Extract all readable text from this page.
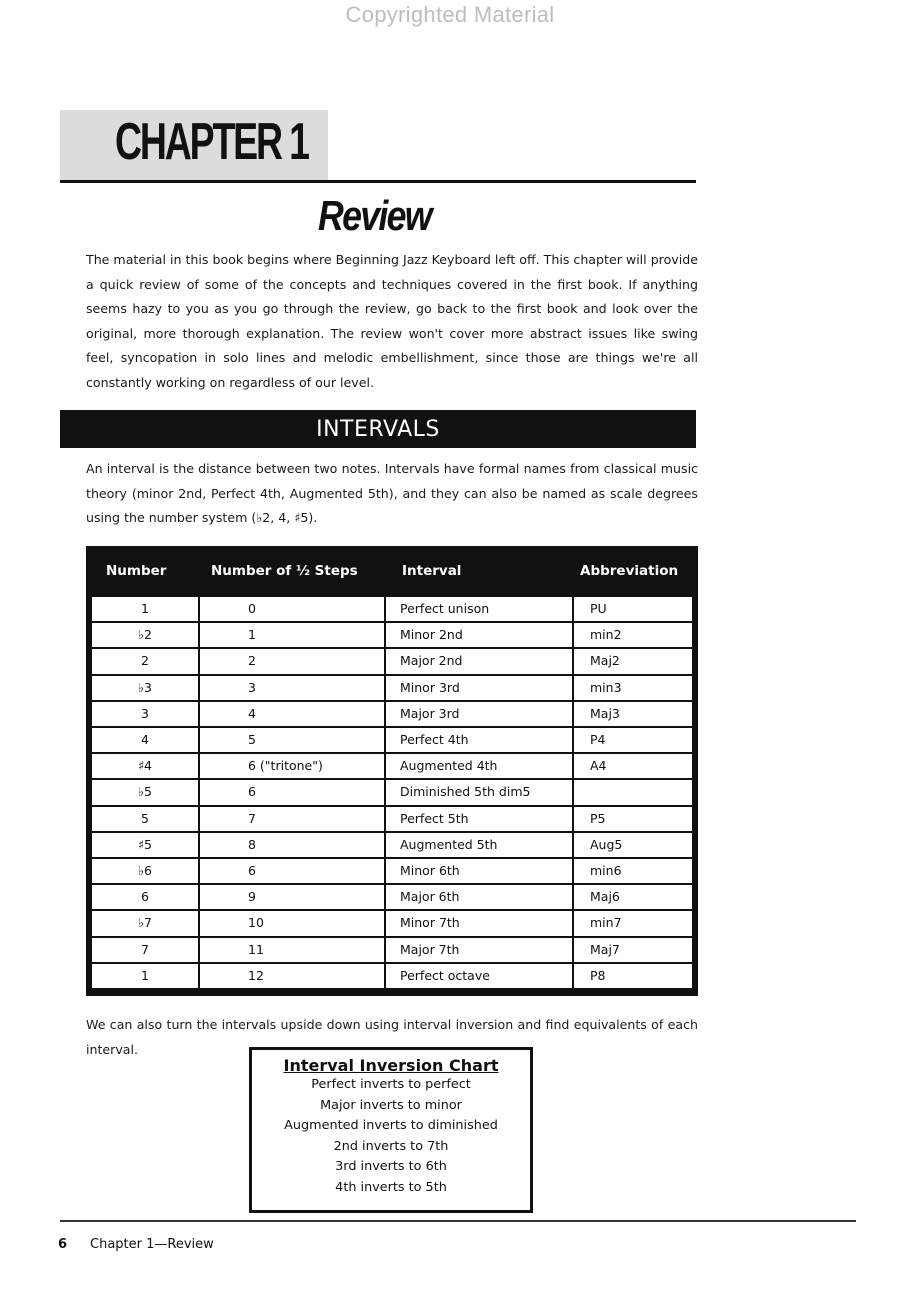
Copyrighted Material
CHAPTER 1
Review
The material in this book begins where Beginning Jazz Keyboard left off. This chapter will provide a quick review of some of the concepts and techniques covered in the first book. If anything seems hazy to you as you go through the review, go back to the first book and look over the original, more thorough explanation. The review won't cover more abstract issues like swing feel, syncopation in solo lines and melodic embellishment, since those are things we're all constantly working on regardless of our level.
INTERVALS
An interval is the distance between two notes. Intervals have formal names from classical music theory (minor 2nd, Perfect 4th, Augmented 5th), and they can also be named as scale degrees using the number system (♭2, 4, ♯5).
Number	Number of ½ Steps	Interval	Abbreviation
1	0	Perfect unison	PU
♭2	1	Minor 2nd	min2
2	2	Major 2nd	Maj2
♭3	3	Minor 3rd	min3
3	4	Major 3rd	Maj3
4	5	Perfect 4th	P4
♯4	6 ("tritone")	Augmented 4th	A4
♭5	6	Diminished 5th dim5
5	7	Perfect 5th	P5
♯5	8	Augmented 5th	Aug5
♭6	6	Minor 6th	min6
6	9	Major 6th	Maj6
♭7	10	Minor 7th	min7
7	11	Major 7th	Maj7
1	12	Perfect octave	P8
We can also turn the intervals upside down using interval inversion and find equivalents of each interval.
Interval Inversion Chart
Perfect inverts to perfect
Major inverts to minor
Augmented inverts to diminished
2nd inverts to 7th
3rd inverts to 6th
4th inverts to 5th
6 Chapter 1—Review
